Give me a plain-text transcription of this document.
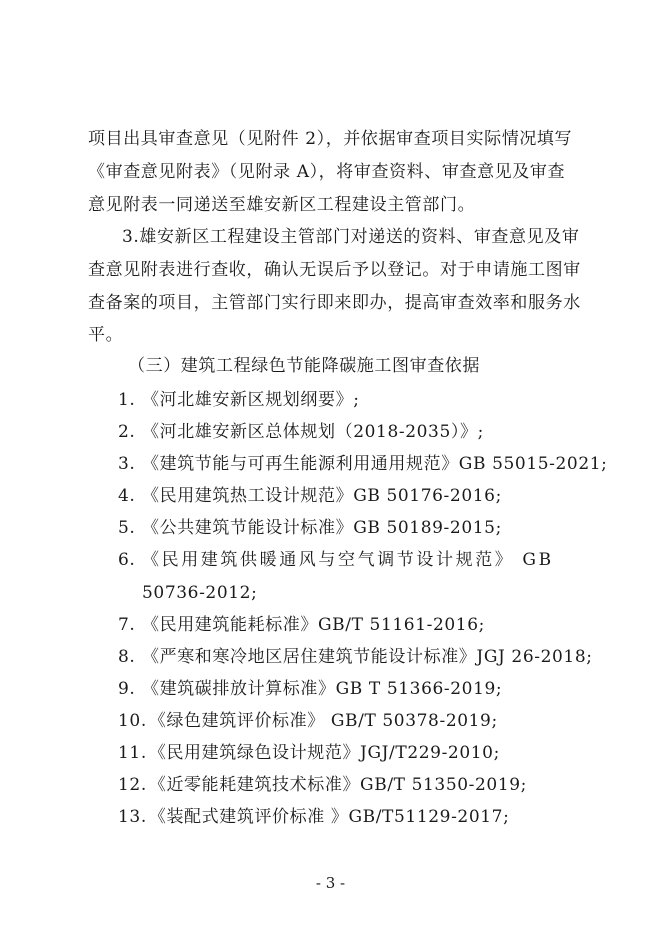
项目出具审查意见（见附件 2），并依据审查项目实际情况填写
《审查意见附表》（见附录 A），将审查资料、审查意见及审查
意见附表一同递送至雄安新区工程建设主管部门。
3.雄安新区工程建设主管部门对递送的资料、审查意见及审
查意见附表进行查收，确认无误后予以登记。对于申请施工图审
查备案的项目，主管部门实行即来即办，提高审查效率和服务水
平。
（三）建筑工程绿色节能降碳施工图审查依据
1. 《河北雄安新区规划纲要》;
2. 《河北雄安新区总体规划（2018-2035）》;
3. 《建筑节能与可再生能源利用通用规范》GB 55015-2021;
4. 《民用建筑热工设计规范》GB 50176-2016;
5. 《公共建筑节能设计标准》GB 50189-2015;
6. 《民用建筑供暖通风与空气调节设计规范》 GB
50736-2012;
7. 《民用建筑能耗标准》GB/T 51161-2016;
8. 《严寒和寒冷地区居住建筑节能设计标准》JGJ 26-2018;
9. 《建筑碳排放计算标准》GB T 51366-2019;
10. 《绿色建筑评价标准》 GB/T 50378-2019;
11. 《民用建筑绿色设计规范》JGJ/T229-2010;
12. 《近零能耗建筑技术标准》GB/T 51350-2019;
13. 《装配式建筑评价标准 》GB/T51129-2017;
- 3 -
